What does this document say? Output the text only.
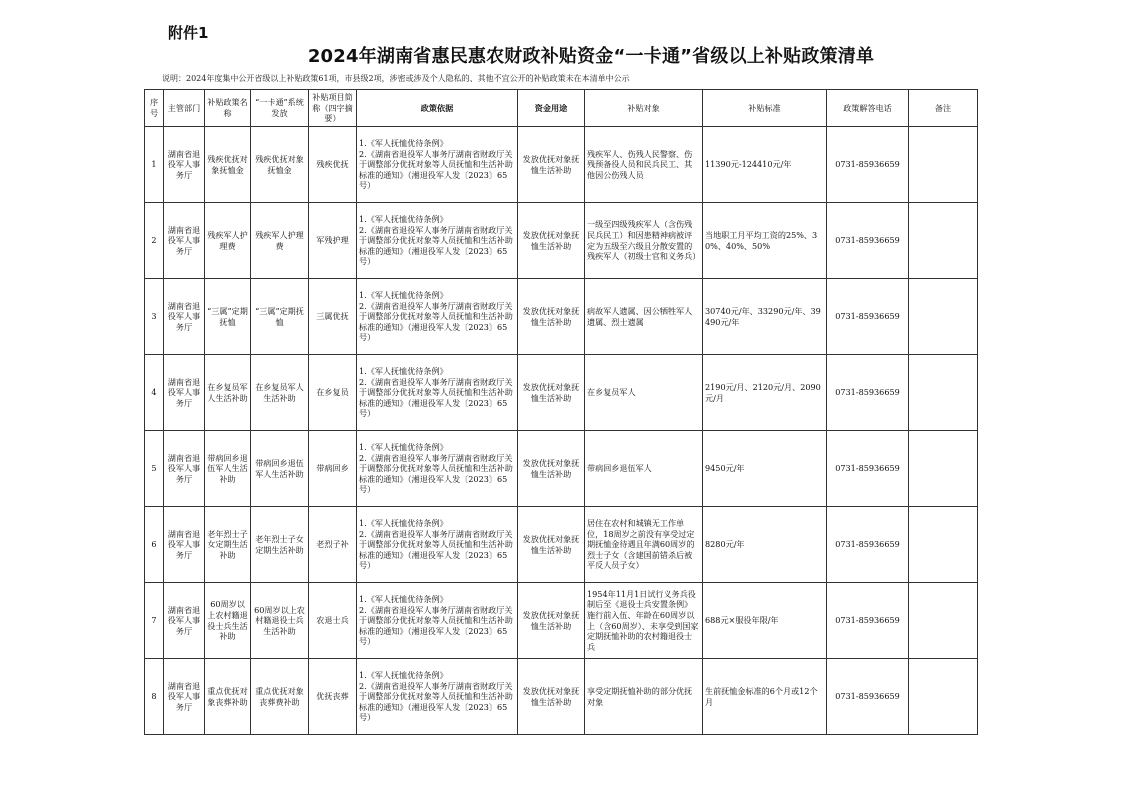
附件1
2024年湖南省惠民惠农财政补贴资金“一卡通”省级以上补贴政策清单
说明：2024年度集中公开省级以上补贴政策61项，市县级2项，涉密或涉及个人隐私的、其他不宜公开的补贴政策未在本清单中公示
序号	主管部门	补贴政策名称	“一卡通”系统发放	补贴项目简称（四字摘要）	政策依据	资金用途	补贴对象	补贴标准	政策解答电话	备注
1	湖南省退役军人事务厅	残疾优抚对象抚恤金	残疾优抚对象抚恤金	残疾优抚	1.《军人抚恤优待条例》
2.《湖南省退役军人事务厅湖南省财政厅关于调整部分优抚对象等人员抚恤和生活补助标准的通知》（湘退役军人发〔2023〕65号）	发放优抚对象抚恤生活补助	残疾军人、伤残人民警察、伤残预备役人员和民兵民工、其他因公伤残人员	11390元-124410元/年	0731-85936659	
2	湖南省退役军人事务厅	残疾军人护理费	残疾军人护理费	军残护理	1.《军人抚恤优待条例》
2.《湖南省退役军人事务厅湖南省财政厅关于调整部分优抚对象等人员抚恤和生活补助标准的通知》（湘退役军人发〔2023〕65号）	发放优抚对象抚恤生活补助	一级至四级残疾军人（含伤残民兵民工）和因患精神病被评定为五级至六级且分散安置的残疾军人（初级士官和义务兵）	当地职工月平均工资的25%、30%、40%、50%	0731-85936659	
3	湖南省退役军人事务厅	“三属”定期抚恤	“三属”定期抚恤	三属优抚	1.《军人抚恤优待条例》
2.《湖南省退役军人事务厅湖南省财政厅关于调整部分优抚对象等人员抚恤和生活补助标准的通知》（湘退役军人发〔2023〕65号）	发放优抚对象抚恤生活补助	病故军人遗属、因公牺牲军人遗属、烈士遗属	30740元/年、33290元/年、39490元/年	0731-85936659	
4	湖南省退役军人事务厅	在乡复员军人生活补助	在乡复员军人生活补助	在乡复员	1.《军人抚恤优待条例》
2.《湖南省退役军人事务厅湖南省财政厅关于调整部分优抚对象等人员抚恤和生活补助标准的通知》（湘退役军人发〔2023〕65号）	发放优抚对象抚恤生活补助	在乡复员军人	2190元/月、2120元/月、2090元/月	0731-85936659	
5	湖南省退役军人事务厅	带病回乡退伍军人生活补助	带病回乡退伍军人生活补助	带病回乡	1.《军人抚恤优待条例》
2.《湖南省退役军人事务厅湖南省财政厅关于调整部分优抚对象等人员抚恤和生活补助标准的通知》（湘退役军人发〔2023〕65号）	发放优抚对象抚恤生活补助	带病回乡退伍军人	9450元/年	0731-85936659	
6	湖南省退役军人事务厅	老年烈士子女定期生活补助	老年烈士子女定期生活补助	老烈子补	1.《军人抚恤优待条例》
2.《湖南省退役军人事务厅湖南省财政厅关于调整部分优抚对象等人员抚恤和生活补助标准的通知》（湘退役军人发〔2023〕65号）	发放优抚对象抚恤生活补助	居住在农村和城镇无工作单位，18周岁之前没有享受过定期抚恤金待遇且年满60周岁的烈士子女（含建国前错杀后被平反人员子女）	8280元/年	0731-85936659	
7	湖南省退役军人事务厅	60周岁以上农村籍退役士兵生活补助	60周岁以上农村籍退役士兵生活补助	农退士兵	1.《军人抚恤优待条例》
2.《湖南省退役军人事务厅湖南省财政厅关于调整部分优抚对象等人员抚恤和生活补助标准的通知》（湘退役军人发〔2023〕65号）	发放优抚对象抚恤生活补助	1954年11月1日试行义务兵役制后至《退役士兵安置条例》施行前入伍、年龄在60周岁以上（含60周岁）、未享受到国家定期抚恤补助的农村籍退役士兵	688元×服役年限/年	0731-85936659	
8	湖南省退役军人事务厅	重点优抚对象丧葬补助	重点优抚对象丧葬费补助	优抚丧葬	1.《军人抚恤优待条例》
2.《湖南省退役军人事务厅湖南省财政厅关于调整部分优抚对象等人员抚恤和生活补助标准的通知》（湘退役军人发〔2023〕65号）	发放优抚对象抚恤生活补助	享受定期抚恤补助的部分优抚对象	生前抚恤金标准的6个月或12个月	0731-85936659	
